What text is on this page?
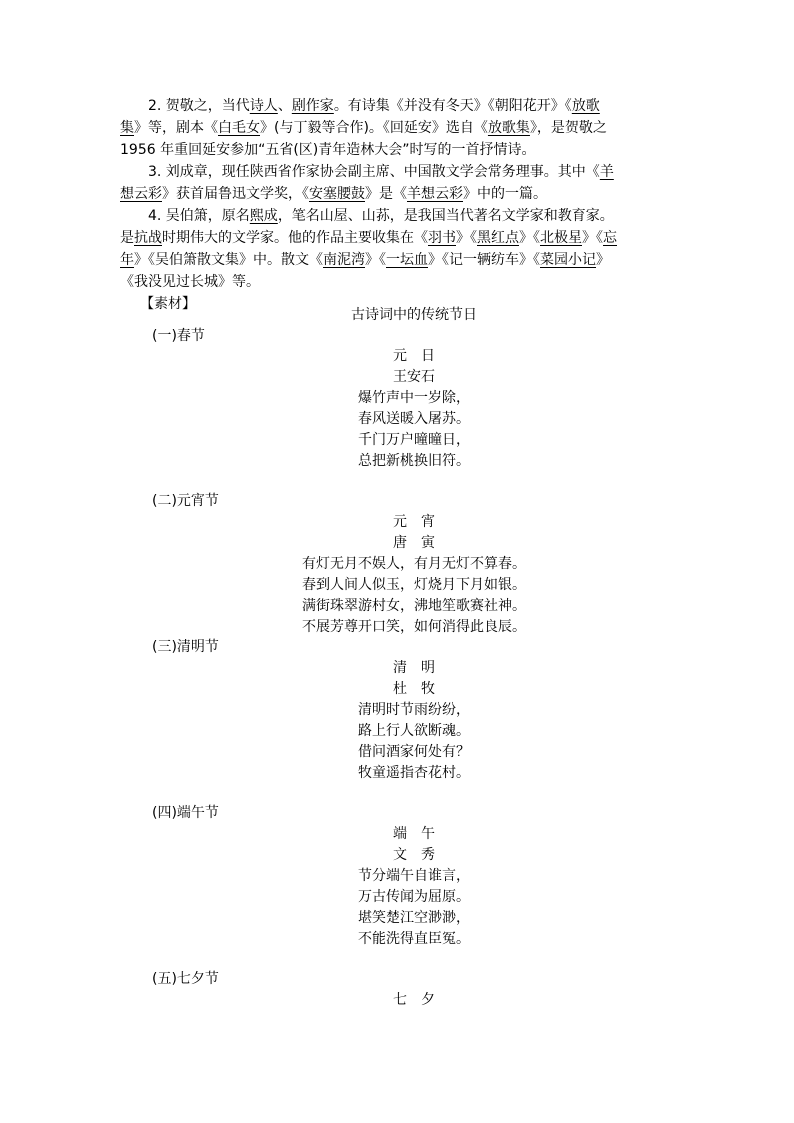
2. 贺敬之，当代诗人、剧作家。有诗集《并没有冬天》《朝阳花开》《放歌
集》等，剧本《白毛女》(与丁毅等合作)。《回延安》选自《放歌集》，是贺敬之
1956 年重回延安参加“五省(区)青年造林大会”时写的一首抒情诗。
3. 刘成章，现任陕西省作家协会副主席、中国散文学会常务理事。其中《羊
想云彩》获首届鲁迅文学奖，《安塞腰鼓》是《羊想云彩》中的一篇。
4. 吴伯箫，原名熙成，笔名山屋、山荪，是我国当代著名文学家和教育家。
是抗战时期伟大的文学家。他的作品主要收集在《羽书》《黑红点》《北极星》《忘
年》《吴伯箫散文集》中。散文《南泥湾》《一坛血》《记一辆纺车》《菜园小记》
《我没见过长城》等。
【素材】
古诗词中的传统节日
(一)春节
元　日
王安石
爆竹声中一岁除，
春风送暖入屠苏。
千门万户曈曈日，
总把新桃换旧符。
(二)元宵节
元　宵
唐　寅
有灯无月不娱人，有月无灯不算春。
春到人间人似玉，灯烧月下月如银。
满街珠翠游村女，沸地笙歌赛社神。
不展芳尊开口笑，如何消得此良辰。
(三)清明节
清　明
杜　牧
清明时节雨纷纷，
路上行人欲断魂。
借问酒家何处有？
牧童遥指杏花村。
(四)端午节
端　午
文　秀
节分端午自谁言，
万古传闻为屈原。
堪笑楚江空渺渺，
不能洗得直臣冤。
(五)七夕节
七　夕
